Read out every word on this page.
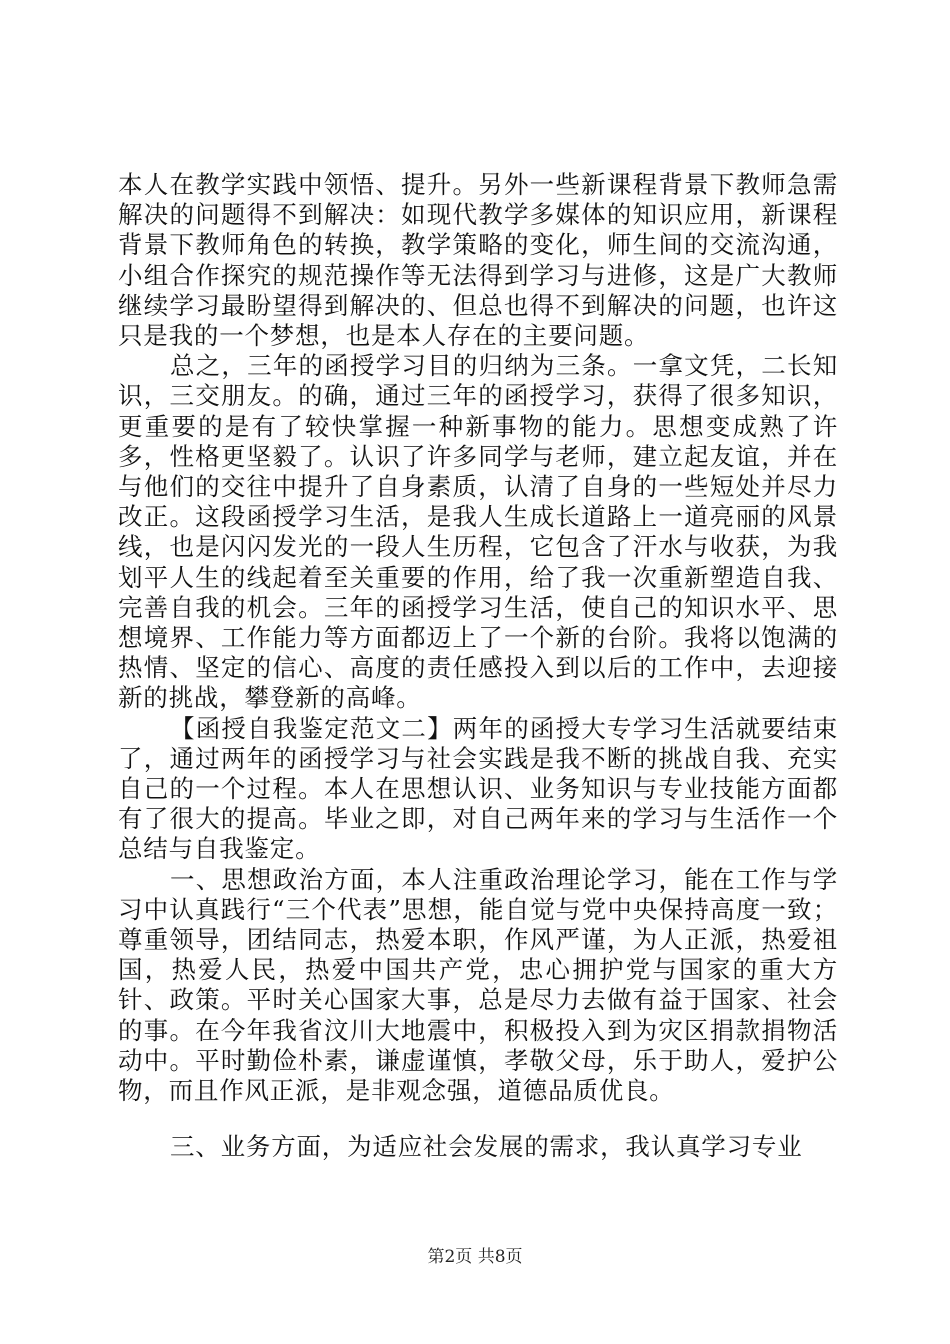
本人在教学实践中领悟、提升。另外一些新课程背景下教师急需解决的问题得不到解决：如现代教学多媒体的知识应用，新课程背景下教师角色的转换，教学策略的变化，师生间的交流沟通，小组合作探究的规范操作等无法得到学习与进修，这是广大教师继续学习最盼望得到解决的、但总也得不到解决的问题，也许这只是我的一个梦想，也是本人存在的主要问题。

总之，三年的函授学习目的归纳为三条。一拿文凭，二长知识，三交朋友。的确，通过三年的函授学习，获得了很多知识，更重要的是有了较快掌握一种新事物的能力。思想变成熟了许多，性格更坚毅了。认识了许多同学与老师，建立起友谊，并在与他们的交往中提升了自身素质，认清了自身的一些短处并尽力改正。这段函授学习生活，是我人生成长道路上一道亮丽的风景线，也是闪闪发光的一段人生历程，它包含了汗水与收获，为我划平人生的线起着至关重要的作用，给了我一次重新塑造自我、完善自我的机会。三年的函授学习生活，使自己的知识水平、思想境界、工作能力等方面都迈上了一个新的台阶。我将以饱满的热情、坚定的信心、高度的责任感投入到以后的工作中，去迎接新的挑战，攀登新的高峰。

【函授自我鉴定范文二】两年的函授大专学习生活就要结束了，通过两年的函授学习与社会实践是我不断的挑战自我、充实自己的一个过程。本人在思想认识、业务知识与专业技能方面都有了很大的提高。毕业之即，对自己两年来的学习与生活作一个总结与自我鉴定。

一、思想政治方面，本人注重政治理论学习，能在工作与学习中认真践行“三个代表”思想，能自觉与党中央保持高度一致；尊重领导，团结同志，热爱本职，作风严谨，为人正派，热爱祖国，热爱人民，热爱中国共产党，忠心拥护党与国家的重大方针、政策。平时关心国家大事，总是尽力去做有益于国家、社会的事。在今年我省汶川大地震中，积极投入到为灾区捐款捐物活动中。平时勤俭朴素，谦虚谨慎，孝敬父母，乐于助人，爱护公物，而且作风正派，是非观念强，道德品质优良。

三、业务方面，为适应社会发展的需求，我认真学习专业

第2页 共8页
